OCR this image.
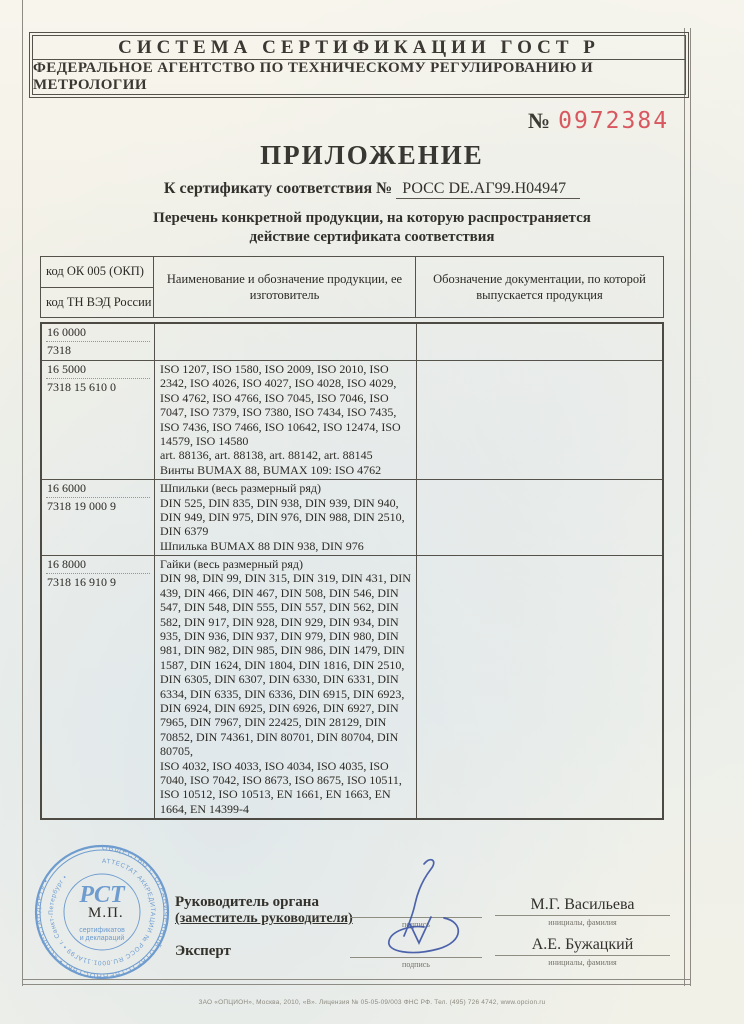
СИСТЕМА СЕРТИФИКАЦИИ ГОСТ Р
ФЕДЕРАЛЬНОЕ АГЕНТСТВО ПО ТЕХНИЧЕСКОМУ РЕГУЛИРОВАНИЮ И МЕТРОЛОГИИ
№ 0972384
ПРИЛОЖЕНИЕ
К сертификату соответствия № РОСС DE.АГ99.Н04947
Перечень конкретной продукции, на которую распространяется
действие сертификата соответствия
код ОК 005 (ОКП)
код ТН ВЭД России
Наименование и обозначение продукции, ее изготовитель
Обозначение документации, по которой выпускается продукция
16 0000
7318
16 5000
7318 15 610 0

ISO 1207, ISO 1580, ISO 2009, ISO 2010, ISO 2342, ISO 4026, ISO 4027, ISO 4028, ISO 4029, ISO 4762, ISO 4766, ISO 7045, ISO 7046, ISO 7047, ISO 7379, ISO 7380, ISO 7434, ISO 7435, ISO 7436, ISO 7466, ISO 10642, ISO 12474, ISO 14579, ISO 14580

art. 88136, art. 88138, art. 88142, art. 88145

Винты BUMAX 88, BUMAX 109: ISO 4762

16 6000
7318 19 000 9

Шпильки (весь размерный ряд)

DIN 525, DIN 835, DIN 938, DIN 939, DIN 940, DIN 949, DIN 975, DIN 976, DIN 988, DIN 2510, DIN 6379

Шпилька BUMAX 88 DIN 938, DIN 976

16 8000
7318 16 910 9

Гайки (весь размерный ряд)

DIN 98, DIN 99, DIN 315, DIN 319, DIN 431, DIN 439, DIN 466, DIN 467, DIN 508, DIN 546, DIN 547, DIN 548, DIN 555, DIN 557, DIN 562, DIN 582, DIN 917, DIN 928, DIN 929, DIN 934, DIN 935, DIN 936, DIN 937, DIN 979, DIN 980, DIN 981, DIN 982, DIN 985, DIN 986, DIN 1479, DIN 1587, DIN 1624, DIN 1804, DIN 1816, DIN 2510, DIN 6305, DIN 6307, DIN 6330, DIN 6331, DIN 6334, DIN 6335, DIN 6336, DIN 6915, DIN 6923, DIN 6924, DIN 6925, DIN 6926, DIN 6927, DIN 7965, DIN 7967, DIN 22425, DIN 28129, DIN 70852, DIN 74361, DIN 80701, DIN 80704, DIN 80705,

ISO 4032, ISO 4033, ISO 4034, ISO 4035, ISO 7040, ISO 7042, ISO 8673, ISO 8675, ISO 10511, ISO 10512, ISO 10513, EN 1661, EN 1663, EN 1664, EN 14399-4

ОБЩЕСТВО С ОГРАНИЧЕННОЙ ОТВЕТСТВЕННОСТЬЮ • «СПб-СТАНДАРТ» •
АТТЕСТАТ АККРЕДИТАЦИИ № РОСС RU.0001.11АГ99 • г. Санкт-Петербург •
РСТ
сертификатов
и деклараций
М.П.
Руководитель органа
(заместитель руководителя)
Эксперт
подпись
подпись
М.Г. Васильева
инициалы, фамилия
А.Е. Бужацкий
инициалы, фамилия
ЗАО «ОПЦИОН», Москва, 2010, «В». Лицензия № 05-05-09/003 ФНС РФ. Тел. (495) 726 4742, www.opcion.ru
